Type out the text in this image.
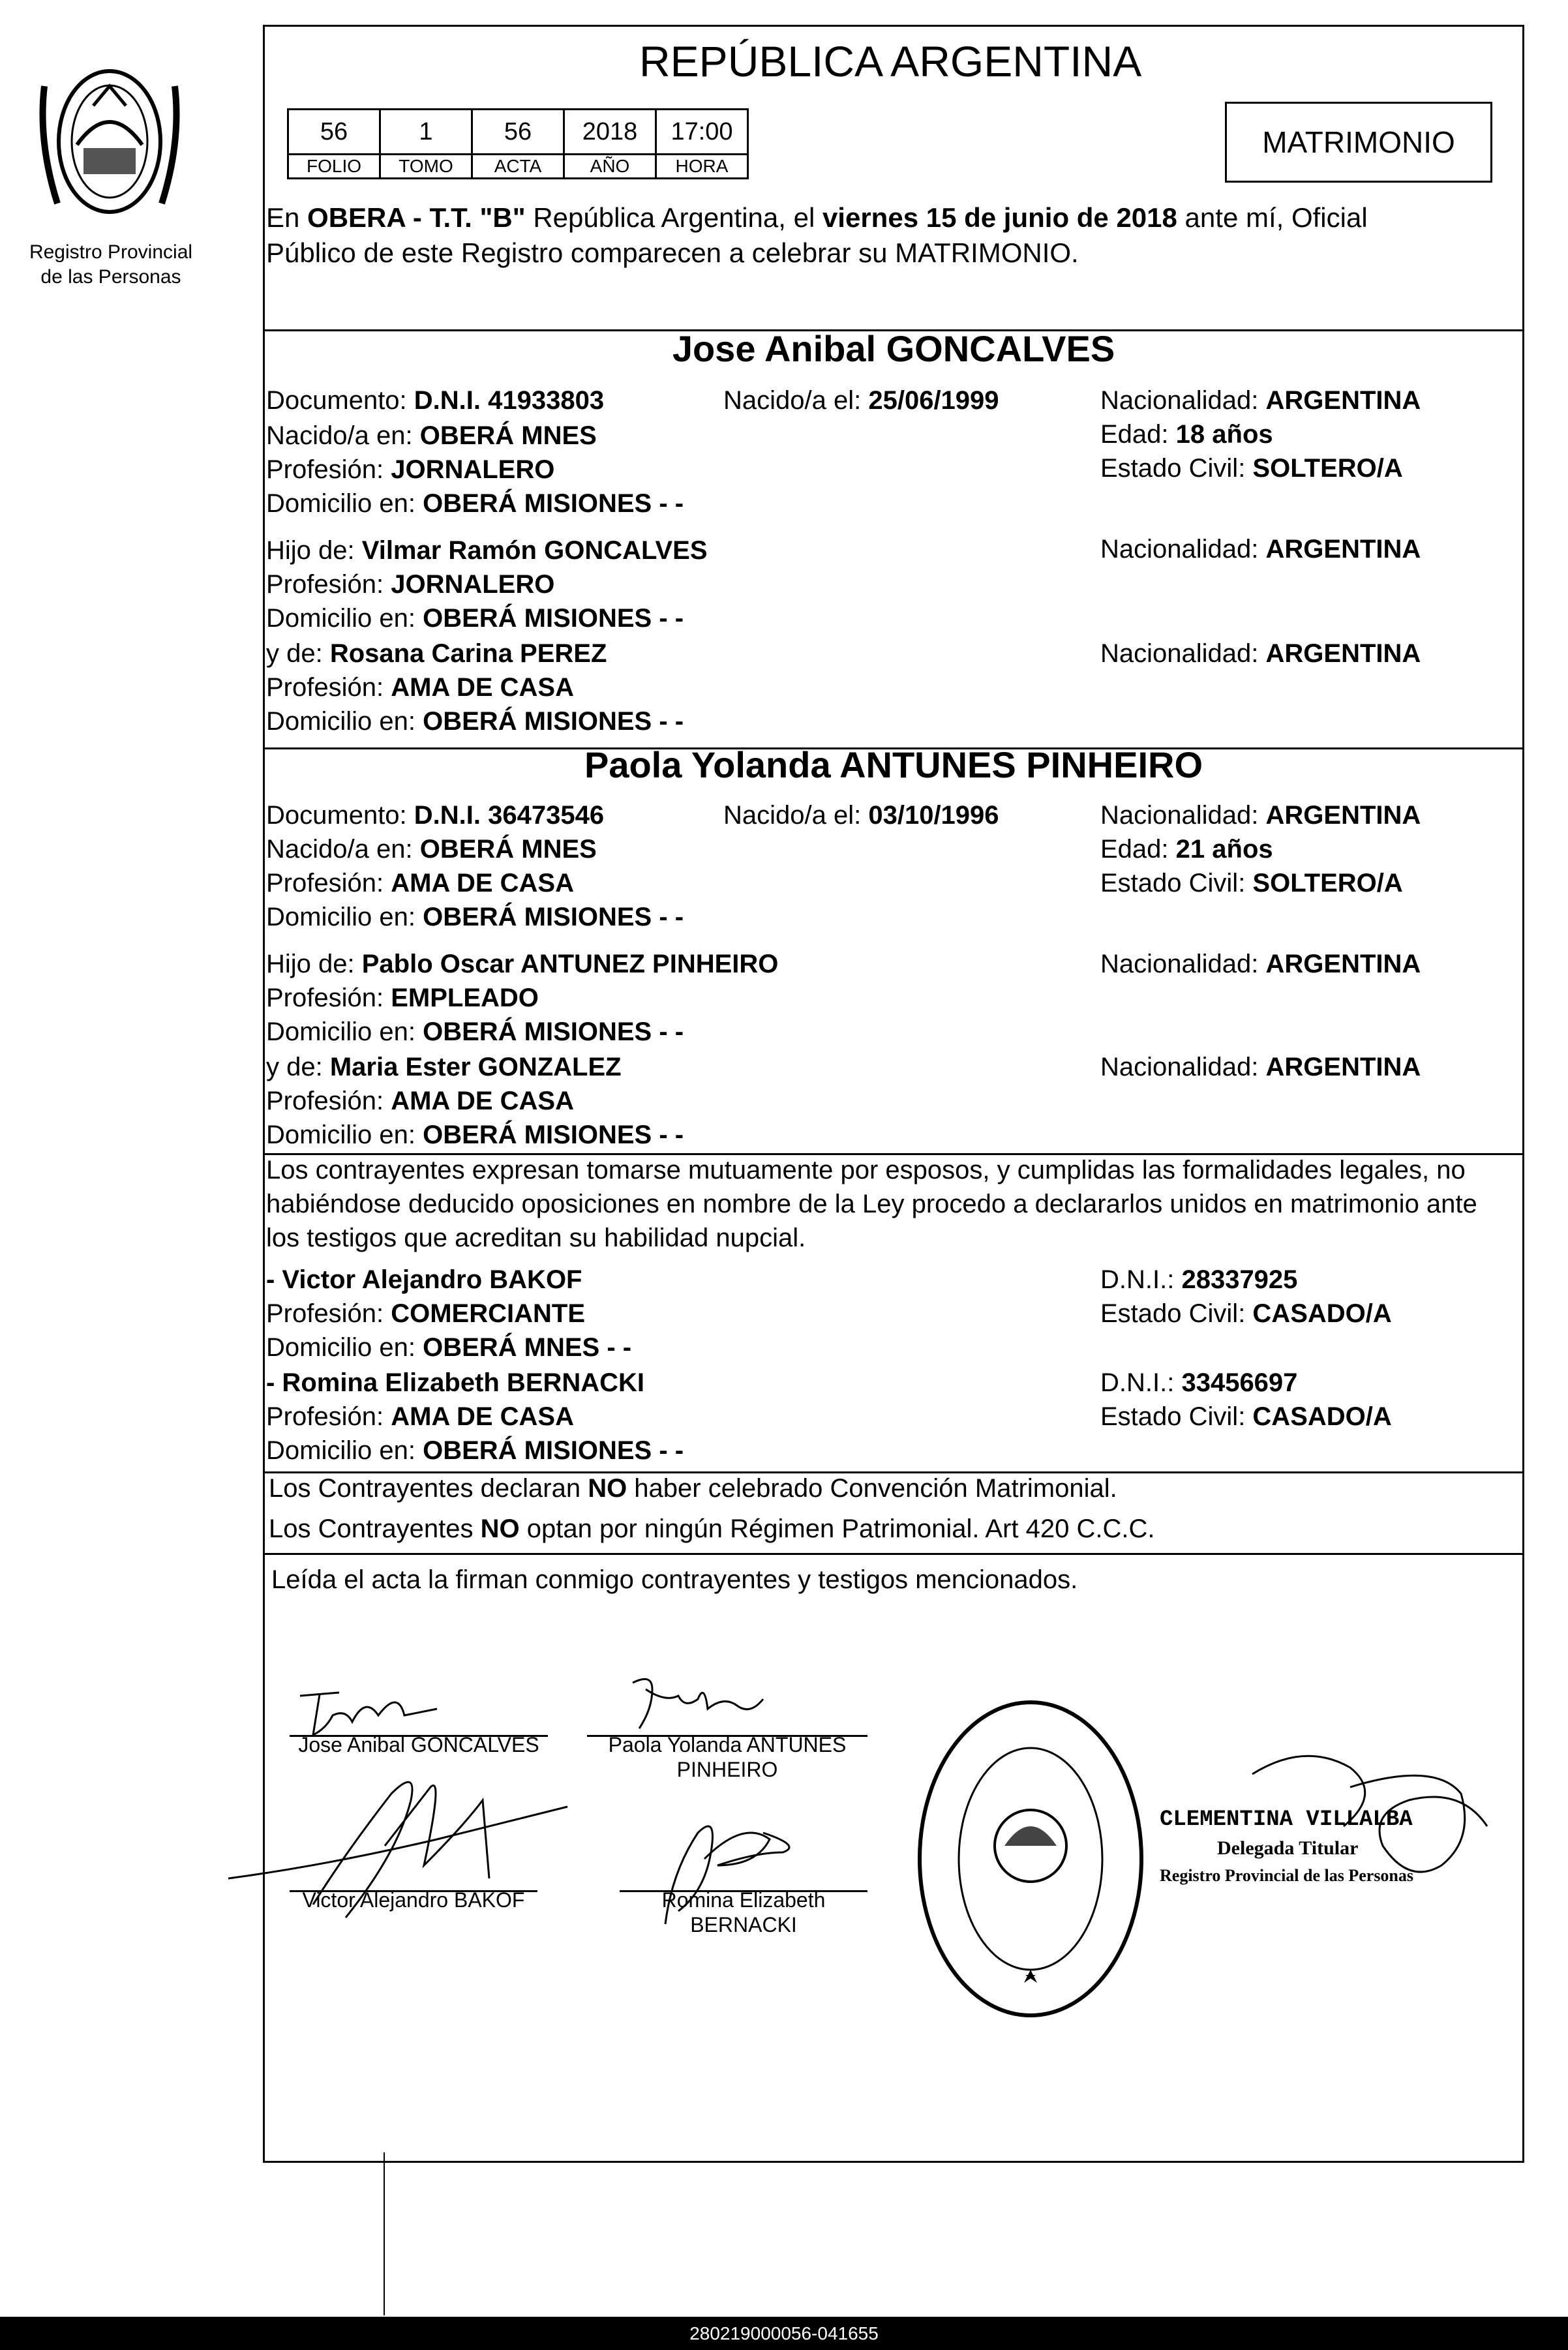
Registro Provincial
de las Personas
REPÚBLICA ARGENTINA
56	1	56	2018	17:00
FOLIO	TOMO	ACTA	AÑO	HORA
MATRIMONIO
En OBERA - T.T. "B" República Argentina, el viernes 15 de junio de 2018 ante mí, Oficial
Público de este Registro comparecen a celebrar su MATRIMONIO.
Jose Anibal GONCALVES
Documento: D.N.I. 41933803	Nacido/a el: 25/06/1999	Nacionalidad: ARGENTINA
Nacido/a en: OBERÁ MNES	Edad: 18 años
Profesión: JORNALERO	Estado Civil: SOLTERO/A
Domicilio en: OBERÁ MISIONES - -
Hijo de: Vilmar Ramón GONCALVES	Nacionalidad: ARGENTINA
Profesión: JORNALERO
Domicilio en: OBERÁ MISIONES - -
y de: Rosana Carina PEREZ	Nacionalidad: ARGENTINA
Profesión: AMA DE CASA
Domicilio en: OBERÁ MISIONES - -
Paola Yolanda ANTUNES PINHEIRO
Documento: D.N.I. 36473546	Nacido/a el: 03/10/1996	Nacionalidad: ARGENTINA
Nacido/a en: OBERÁ MNES	Edad: 21 años
Profesión: AMA DE CASA	Estado Civil: SOLTERO/A
Domicilio en: OBERÁ MISIONES - -
Hijo de: Pablo Oscar ANTUNEZ PINHEIRO	Nacionalidad: ARGENTINA
Profesión: EMPLEADO
Domicilio en: OBERÁ MISIONES - -
y de: Maria Ester GONZALEZ	Nacionalidad: ARGENTINA
Profesión: AMA DE CASA
Domicilio en: OBERÁ MISIONES - -
Los contrayentes expresan tomarse mutuamente por esposos, y cumplidas las formalidades legales, no
habiéndose deducido oposiciones en nombre de la Ley procedo a declararlos unidos en matrimonio ante
los testigos que acreditan su habilidad nupcial.
- Victor Alejandro BAKOF	D.N.I.: 28337925
Profesión: COMERCIANTE	Estado Civil: CASADO/A
Domicilio en: OBERÁ MNES - -
- Romina Elizabeth BERNACKI	D.N.I.: 33456697
Profesión: AMA DE CASA	Estado Civil: CASADO/A
Domicilio en: OBERÁ MISIONES - -
Los Contrayentes declaran NO haber celebrado Convención Matrimonial.
Los Contrayentes NO optan por ningún Régimen Patrimonial. Art 420 C.C.C.
Leída el acta la firman conmigo contrayentes y testigos mencionados.
Jose Anibal GONCALVES	Paola Yolanda ANTUNES
PINHEIRO
Victor Alejandro BAKOF	Romina Elizabeth
BERNACKI
CLEMENTINA VILLALBA
Delegada Titular
Registro Provincial de las Personas
280219000056-041655
